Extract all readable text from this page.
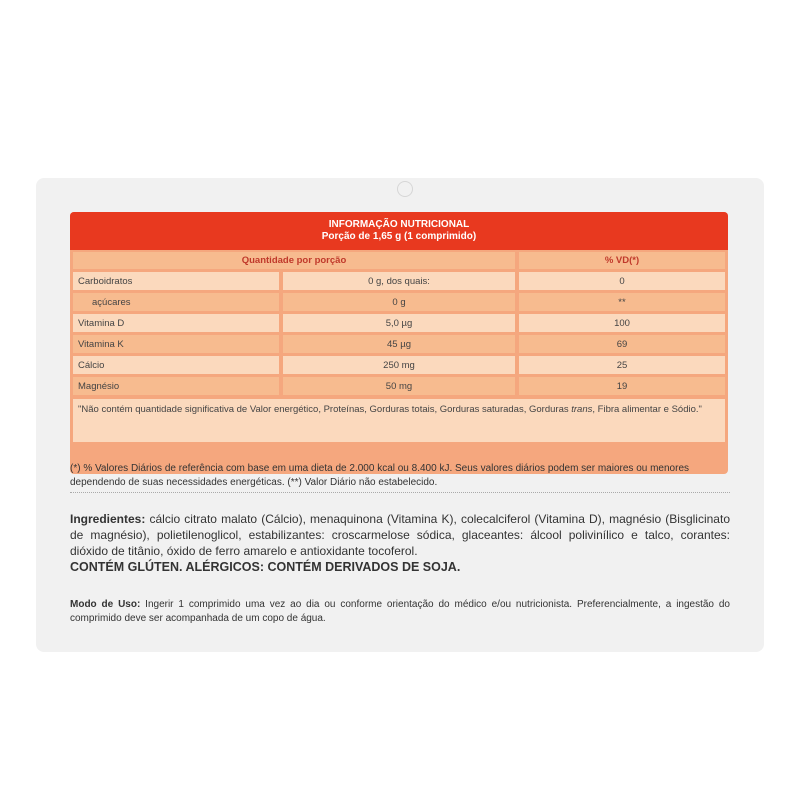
INFORMAÇÃO NUTRICIONAL
Porção de 1,65 g (1 comprimido)
Quantidade por porção	% VD(*)
Carboidratos	0 g, dos quais:	0
açúcares	0 g	**
Vitamina D	5,0 µg	100
Vitamina K	45 µg	69
Cálcio	250 mg	25
Magnésio	50 mg	19
"Não contém quantidade significativa de Valor energético, Proteínas, Gorduras totais, Gorduras saturadas, Gorduras trans, Fibra alimentar e Sódio."
(*) % Valores Diários de referência com base em uma dieta de 2.000 kcal ou 8.400 kJ. Seus valores diários podem ser maiores ou menores dependendo de suas necessidades energéticas. (**) Valor Diário não estabelecido.
Ingredientes: cálcio citrato malato (Cálcio), menaquinona (Vitamina K), colecalciferol (Vitamina D), magnésio (Bisglicinato de magnésio), polietilenoglicol, estabilizantes: croscarmelose sódica, glaceantes: álcool polivinílico e talco, corantes: dióxido de titânio, óxido de ferro amarelo e antioxidante tocoferol.
CONTÉM GLÚTEN. ALÉRGICOS: CONTÉM DERIVADOS DE SOJA.
Modo de Uso: Ingerir 1 comprimido uma vez ao dia ou conforme orientação do médico e/ou nutricionista. Preferencialmente, a ingestão do comprimido deve ser acompanhada de um copo de água.
